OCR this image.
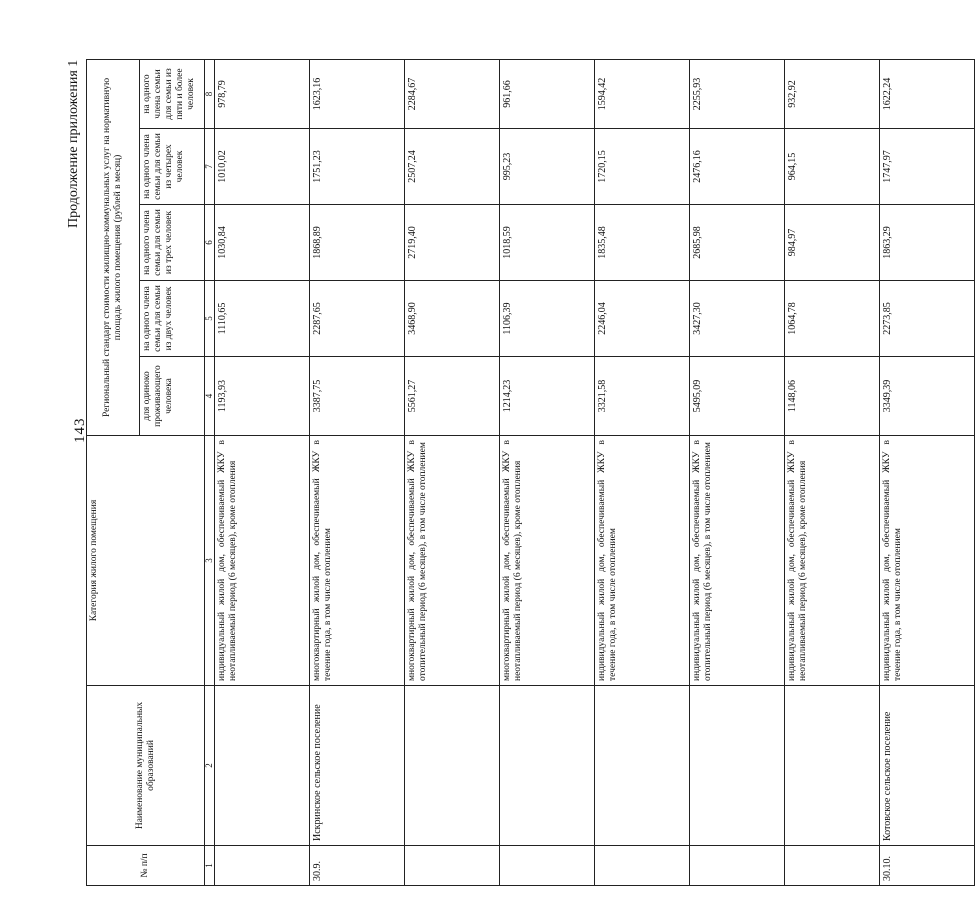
143
Продолжение приложения 1
№ п/п	Наименование муниципальных образований	Категория жилого помещения	Региональный стандарт стоимости жилищно-коммунальных услуг на нормативную площадь жилого помещения (рублей в месяц)				
			для одиноко проживающего человека	на одного члена семьи для семьи из двух человек	на одного члена семьи для семьи из трех человек	на одного члена семьи для семьи из четырех человек	на одного члена семьи для семьи из пяти и более человек
1	2	3	4	5	6	7	8
		индивидуальный жилой дом, обеспечиваемый ЖКУ в неотапливаемый период (6 месяцев), кроме отопления	1193,93	1110,65	1030,84	1010,02	978,79
30.9.	Искринское сельское поселение	многоквартирный жилой дом, обеспечиваемый ЖКУ в течение года, в том числе отоплением	3387,75	2287,65	1868,89	1751,23	1623,16
		многоквартирный жилой дом, обеспечиваемый ЖКУ в отопительный период (6 месяцев), в том числе отоплением	5561,27	3468,90	2719,40	2507,24	2284,67
		многоквартирный жилой дом, обеспечиваемый ЖКУ в неотапливаемый период (6 месяцев), кроме отопления	1214,23	1106,39	1018,59	995,23	961,66
		индивидуальный жилой дом, обеспечиваемый ЖКУ в течение года, в том числе отоплением	3321,58	2246,04	1835,48	1720,15	1594,42
		индивидуальный жилой дом, обеспечиваемый ЖКУ в отопительный период (6 месяцев), в том числе отоплением	5495,09	3427,30	2685,98	2476,16	2255,93
		индивидуальный жилой дом, обеспечиваемый ЖКУ в неотапливаемый период (6 месяцев), кроме отопления	1148,06	1064,78	984,97	964,15	932,92
30.10.	Котовское сельское поселение	индивидуальный жилой дом, обеспечиваемый ЖКУ в течение года, в том числе отоплением	3349,39	2273,85	1863,29	1747,97	1622,24
